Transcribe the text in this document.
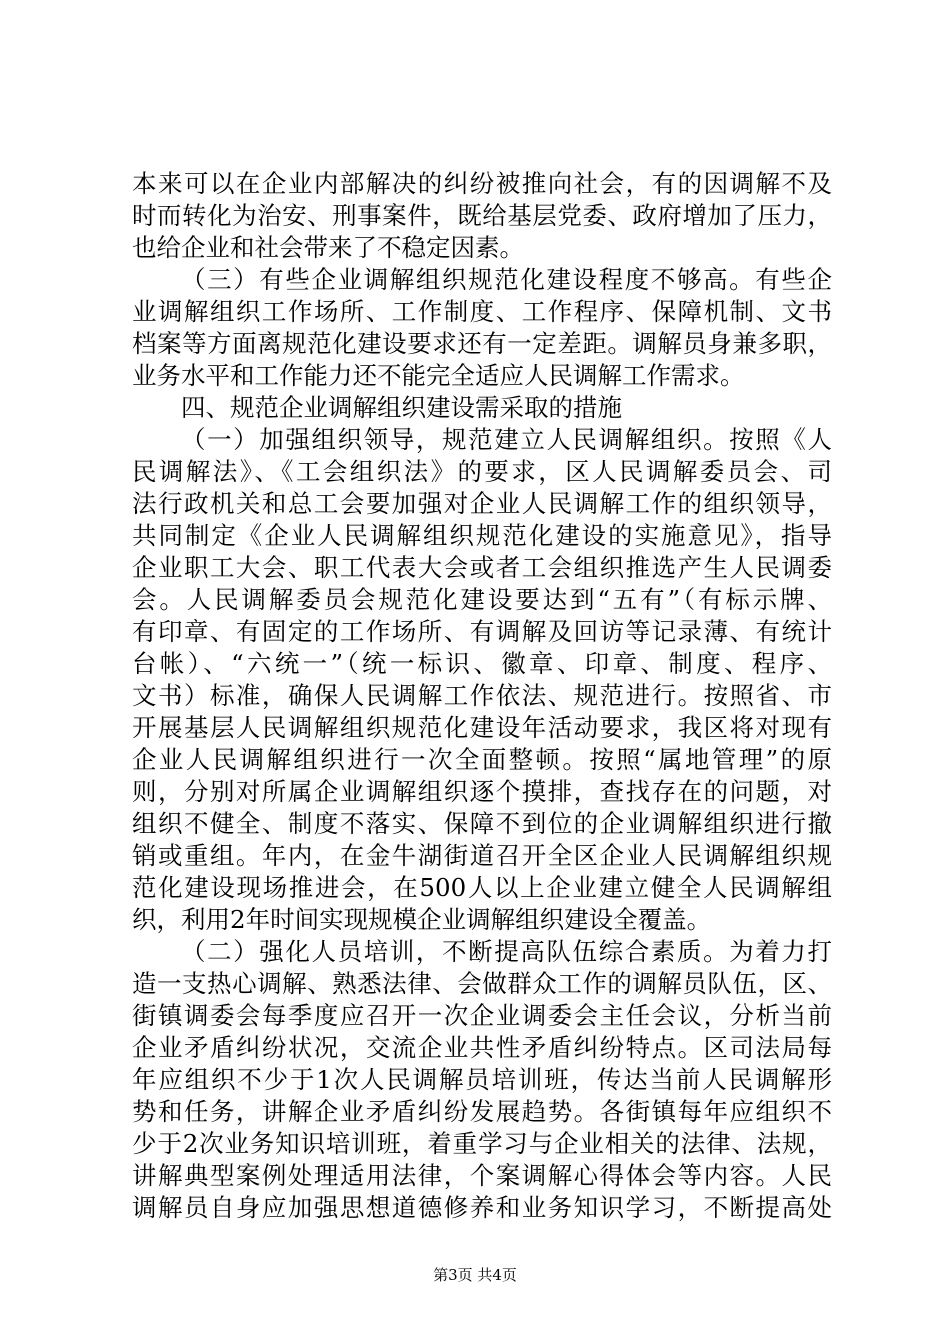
本来可以在企业内部解决的纠纷被推向社会，有的因调解不及
时而转化为治安、刑事案件，既给基层党委、政府增加了压力，
也给企业和社会带来了不稳定因素。
（三）有些企业调解组织规范化建设程度不够高。有些企
业调解组织工作场所、工作制度、工作程序、保障机制、文书
档案等方面离规范化建设要求还有一定差距。调解员身兼多职，
业务水平和工作能力还不能完全适应人民调解工作需求。
四、规范企业调解组织建设需采取的措施
（一）加强组织领导，规范建立人民调解组织。按照《人
民调解法》、《工会组织法》的要求，区人民调解委员会、司
法行政机关和总工会要加强对企业人民调解工作的组织领导，
共同制定《企业人民调解组织规范化建设的实施意见》，指导
企业职工大会、职工代表大会或者工会组织推选产生人民调委
会。人民调解委员会规范化建设要达到“五有”（有标示牌、
有印章、有固定的工作场所、有调解及回访等记录薄、有统计
台帐）、“六统一”（统一标识、徽章、印章、制度、程序、
文书）标准，确保人民调解工作依法、规范进行。按照省、市
开展基层人民调解组织规范化建设年活动要求，我区将对现有
企业人民调解组织进行一次全面整顿。按照“属地管理”的原
则，分别对所属企业调解组织逐个摸排，查找存在的问题，对
组织不健全、制度不落实、保障不到位的企业调解组织进行撤
销或重组。年内，在金牛湖街道召开全区企业人民调解组织规
范化建设现场推进会，在500人以上企业建立健全人民调解组
织，利用2年时间实现规模企业调解组织建设全覆盖。
（二）强化人员培训，不断提高队伍综合素质。为着力打
造一支热心调解、熟悉法律、会做群众工作的调解员队伍，区、
街镇调委会每季度应召开一次企业调委会主任会议，分析当前
企业矛盾纠纷状况，交流企业共性矛盾纠纷特点。区司法局每
年应组织不少于1次人民调解员培训班，传达当前人民调解形
势和任务，讲解企业矛盾纠纷发展趋势。各街镇每年应组织不
少于2次业务知识培训班，着重学习与企业相关的法律、法规，
讲解典型案例处理适用法律，个案调解心得体会等内容。人民
调解员自身应加强思想道德修养和业务知识学习，不断提高处
第3页 共4页
